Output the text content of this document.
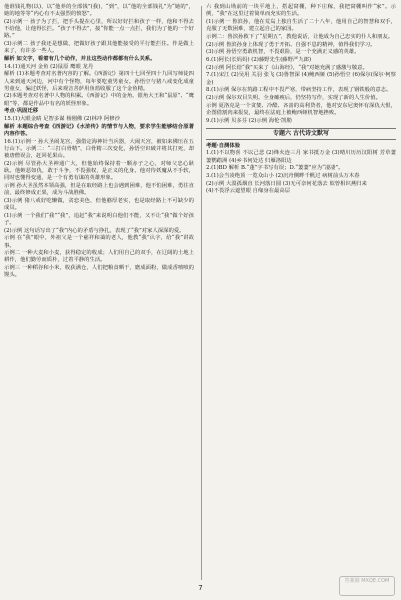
他谁钱礼物(以)，以“他养的全部钱”(我)，“到”，以“他的全部钱礼”为“她的”，她的地等等“内心有不太强烈的愤怒”。
(2)示例一 孩子为了拦，把手头提在心里，所以好好拦和孩子一样，他和不得去不给他，让他得长拦。“孩子不得去”，接“你能一点一点拦，我们为了他的一个好路。”
(3)示例二 孩子我还是想做，把做好孩子跟其他能接受的平行能拦住。作是做上来了，有许多一些人。
解析 如文字，看着有几个动作，并且这些动作都都有什么关系。
14.(1)通天河 金鱼 (2)鼠原 鹰眼 龙丹
解析 (1)本题考查对名著内容的了解。《西游记》第四十七回至四十九回写师徒四人来到通天河边，河中有个怪物，每年要吃童男童女。孙悟空与猪八戒变化成童男童女，骗过妖怪，后来观音菩萨用鱼篮收服了这个金鱼精。
(2)本题考查对名著中人物的积累。《西游记》中的金角、银角大王和“鼠原”、“鹰眼”等，都是作品中有名的妖怪形象。
考点·巩固迁移
15.(1)大眼金睛 足智多谋 杨刚佛 (2)林冲 阿修沙
解析 本题综合考查《西游记》《水浒传》的情节与人物，要求学生能够结合原著内容作答。
16.(1)示例一 孙大圣闹龙宫，强借定海神针当兵器，大闹天宫，被如来佛压在五行山下。示例二：“三打白骨精”，白骨精三次变化，孙悟空识破并将其打死，却被唐僧误会，赶回花果山。
(2)示例 尽管孙大圣神通广大，但他始终保持着一颗赤子之心，对师父忠心耿耿。他嫉恶如仇，敢于斗争，不畏强权，是正义的化身。他对待妖魔从不手软，同时也懂得变通，是一个有勇有谋的英雄形象。
示例 孙大圣虽然本领高强，但是在取经路上也会遇到困难，他不怕困难，勇往直前，最终修成正果，成为斗战胜佛。
(3)示例 猪八戒好吃懒做，贪恋美色，但他憨厚老实，也是取经路上不可缺少的成员。
(1)示例 一个我们“我”“我”，追赶“我”来说明白他们不能，又不让“我”做个好孩子。
(2)示例 这句话写出了“我”内心的矛盾与挣扎，表现了“我”对家人深深的爱。
示例 在“我”眼中，外祖父是一个慈祥和蔼的老人，他教“我”认字，给“我”讲故事。
示例二 一种大麦和小麦，获得稳定的收成；人们用自己的双手，在辽阔的土地上耕作，他们勤劳而质朴，过着平静的生活。
示例三 一种稻谷和小米，收获满仓，人们把粮食晒干，磨成面粉，做成香喷喷的馒头。
六 我到山坳前的一块平地上，搭起窝棚，种下庄稼，我把窝棚叫作“家”。示例，“我”在这里过着简单而充实的生活。
(1)示例一 鲁滨孙，他在荒岛上独自生活了二十八年，他用自己的智慧和双手，克服了无数困难，建立起自己的家园。
示例二：鲁滨孙救下了“星期五”，教他说话，让他成为自己忠实的仆人和朋友。
(2)示例 鲁滨孙身上体现了勇于开拓、自强不息的精神，值得我们学习。
(3)示例 孙悟空勇敢机智，不畏艰险，是一个充满正义感的英雄。
6.(1)阿长(长妈妈) (2)藤野先生(藤野严九郎)
(2)示例 阿长给“我”买来了《山海经》，“我”对她充满了感激与敬意。
7.(1)宋江 (2)吴用 关羽 张飞 (3)鲁智深 (4)鲍西娅 (5)孙悟空 (6)保尔(保尔·柯察金)
8.(1)示例 保尔在筑路工程中不畏严寒，带病坚持工作，表现了钢铁般的意志。
(2)示例 保尔双目失明、全身瘫痪后，仍坚持写作，实现了新的人生价值。
示例 夏洛克是一个贪婪、冷酷、吝啬的高利贷者，他对安东尼奥怀有深仇大恨，企图借割肉来报复，最终在法庭上被鲍西娅机智地挫败。
9.(1)示例 贝多芬 (2)示例 海伦·凯勒
专题六 古代诗文默写
考题·自测体验
1.(1)不以物喜 不以己悲 (2)烽火连三月 家书抵万金 (3)晴川历历汉阳树 芳草萋萋鹦鹉洲 (4)乡书何处达 归雁洛阳边
2.(1)BD 解析 B.“蓬”字书写有误；D.“萋萋”应为“凄凄”。
3.(1)会当凌绝顶 一览众山小 (2)沉舟侧畔千帆过 病树前头万木春
(2)示例 大漠孤烟直 长河落日圆 (3)无可奈何花落去 似曾相识燕归来
(4)不畏浮云遮望眼 自缘身在最高层
7
答案圈 MXQE.COM
